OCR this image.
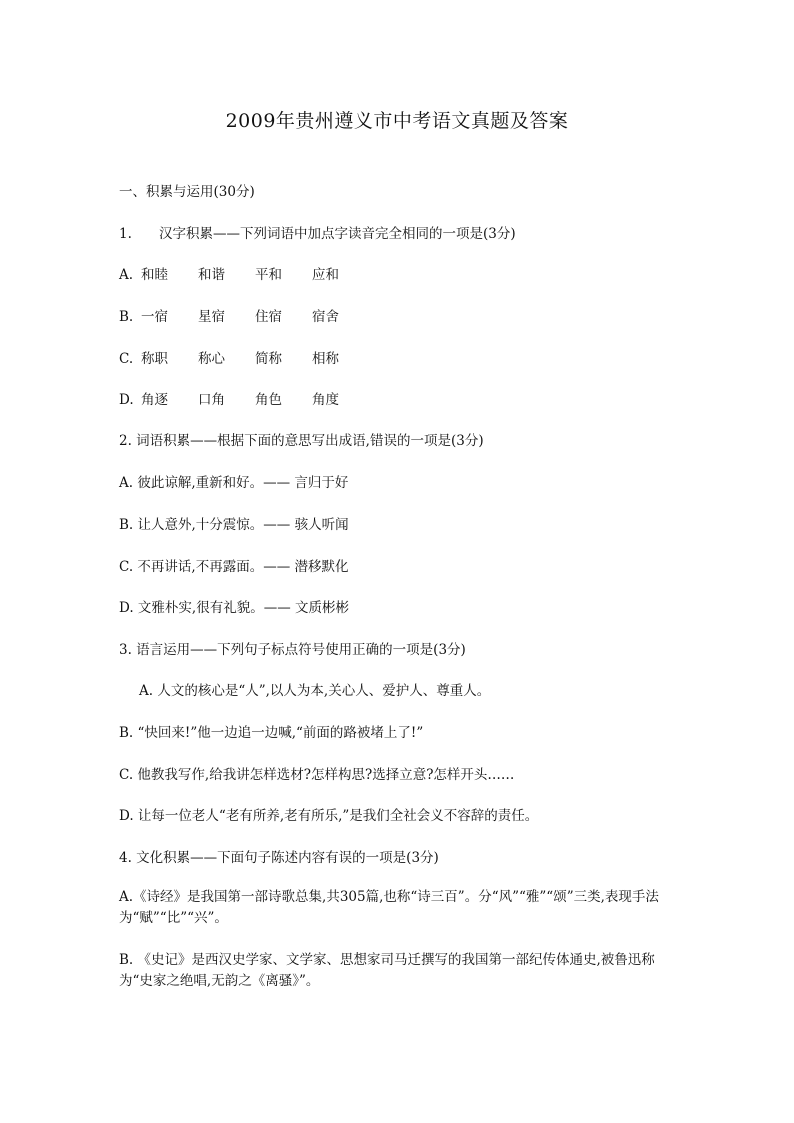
2009年贵州遵义市中考语文真题及答案

一、积累与运用(30分)

1. 汉字积累——下列词语中加点字读音完全相同的一项是(3分)

A. 和睦	和谐	平和	应和
B. 一宿	星宿	住宿	宿舍
C. 称职	称心	简称	相称
D. 角逐	口角	角色	角度

2. 词语积累——根据下面的意思写出成语,错误的一项是(3分)

A. 彼此谅解,重新和好。—— 言归于好

B. 让人意外,十分震惊。—— 骇人听闻

C. 不再讲话,不再露面。—— 潜移默化

D. 文雅朴实,很有礼貌。—— 文质彬彬

3. 语言运用——下列句子标点符号使用正确的一项是(3分)

A. 人文的核心是“人”,以人为本,关心人、爱护人、尊重人。

B. “快回来!”他一边追一边喊,“前面的路被堵上了!”

C. 他教我写作,给我讲怎样选材?怎样构思?选择立意?怎样开头……

D. 让每一位老人“老有所养,老有所乐,”是我们全社会义不容辞的责任。

4. 文化积累——下面句子陈述内容有误的一项是(3分)

A.《诗经》是我国第一部诗歌总集,共305篇,也称“诗三百”。分“风”“雅”“颂”三类,表现手法为“赋”“比”“兴”。

B. 《史记》是西汉史学家、文学家、思想家司马迁撰写的我国第一部纪传体通史,被鲁迅称为“史家之绝唱,无韵之《离骚》”。
